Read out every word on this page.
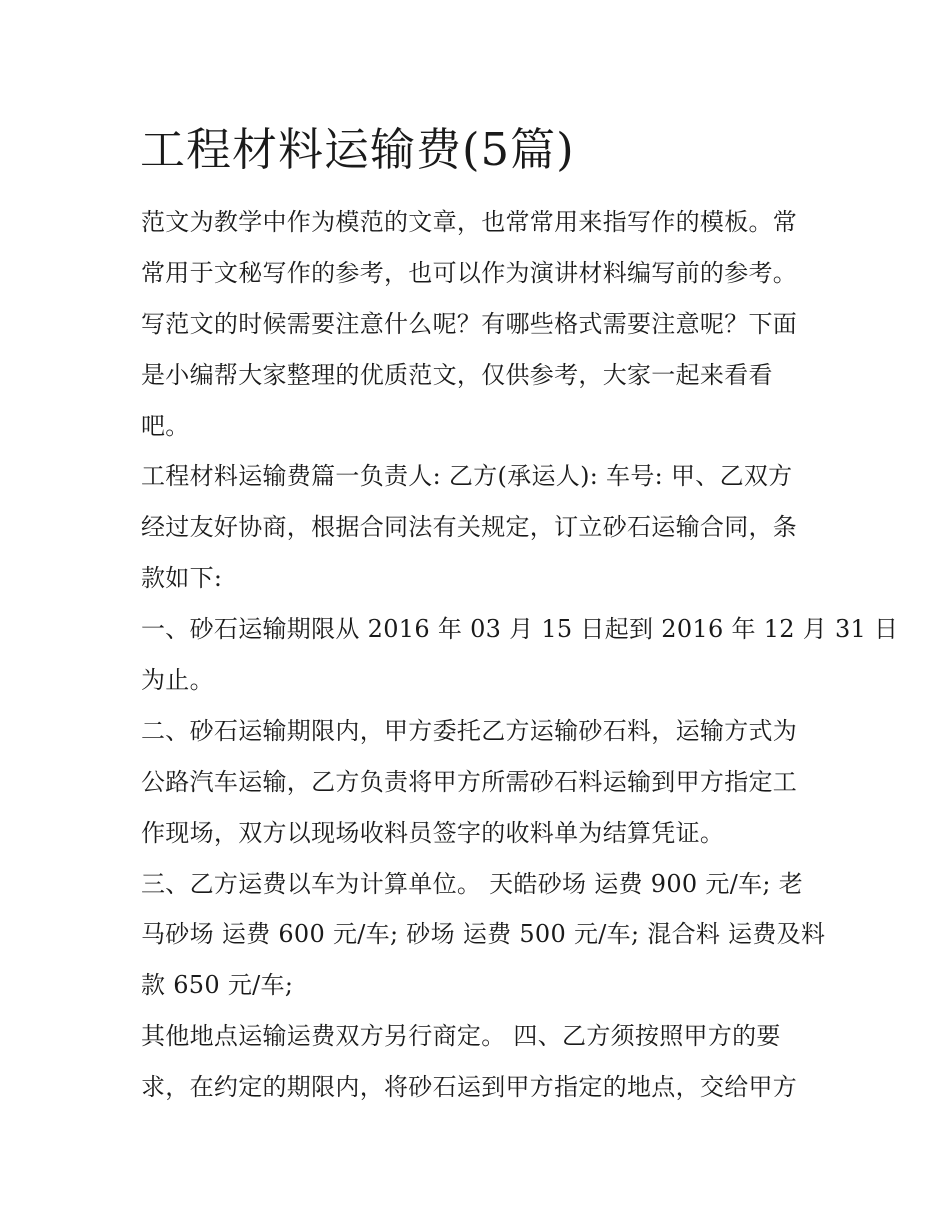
工程材料运输费(5篇)
范文为教学中作为模范的文章，也常常用来指写作的模板。常
常用于文秘写作的参考，也可以作为演讲材料编写前的参考。
写范文的时候需要注意什么呢？有哪些格式需要注意呢？下面
是小编帮大家整理的优质范文，仅供参考，大家一起来看看
吧。
工程材料运输费篇一负责人: 乙方(承运人): 车号: 甲、乙双方
经过友好协商，根据合同法有关规定，订立砂石运输合同，条
款如下:
一、砂石运输期限从 2016 年 03 月 15 日起到 2016 年 12 月 31 日
为止。
二、砂石运输期限内，甲方委托乙方运输砂石料，运输方式为
公路汽车运输，乙方负责将甲方所需砂石料运输到甲方指定工
作现场，双方以现场收料员签字的收料单为结算凭证。
三、乙方运费以车为计算单位。 天皓砂场 运费 900 元/车; 老
马砂场 运费 600 元/车; 砂场 运费 500 元/车; 混合料 运费及料
款 650 元/车;
其他地点运输运费双方另行商定。 四、乙方须按照甲方的要
求，在约定的期限内，将砂石运到甲方指定的地点，交给甲方
